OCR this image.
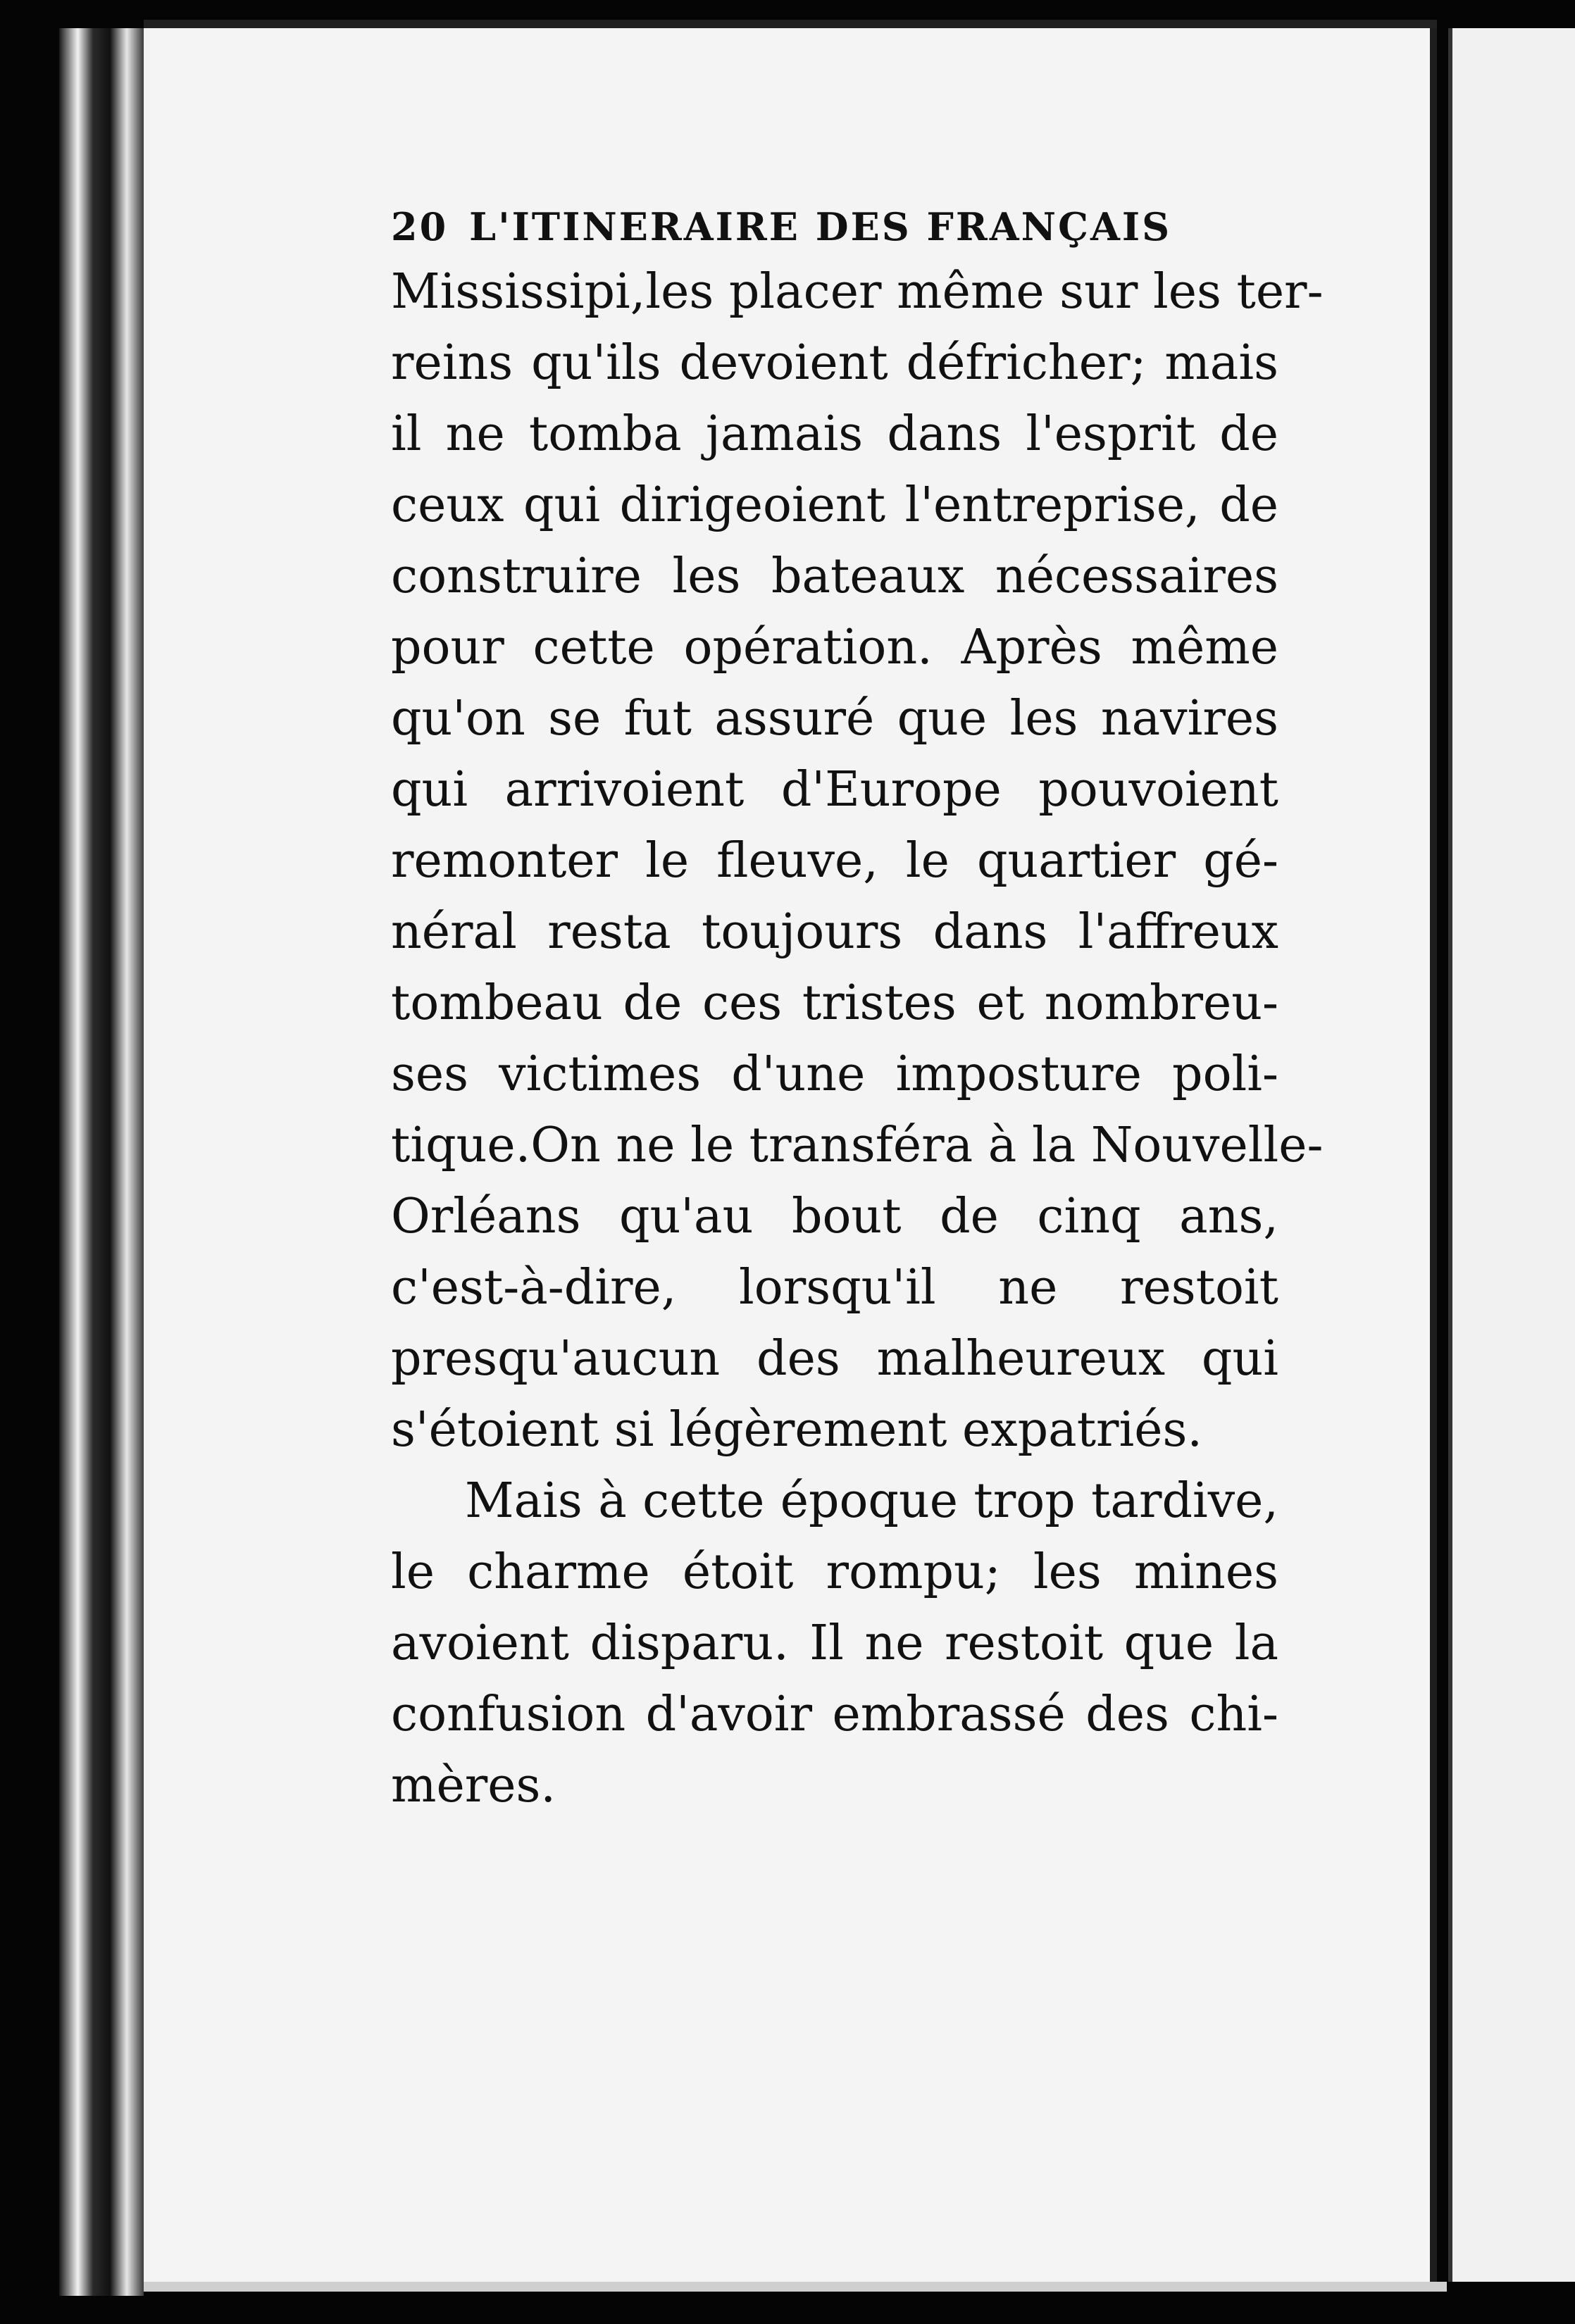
20 L'ITINERAIRE DES FRANÇAIS
Mississipi,les placer même sur les ter-
reins qu'ils devoient défricher; mais
il ne tomba jamais dans l'esprit de
ceux qui dirigeoient l'entreprise, de
construire les bateaux nécessaires
pour cette opération. Après même
qu'on se fut assuré que les navires
qui arrivoient d'Europe pouvoient
remonter le fleuve, le quartier gé-
néral resta toujours dans l'affreux
tombeau de ces tristes et nombreu-
ses victimes d'une imposture poli-
tique.On ne le transféra à la Nouvelle-
Orléans qu'au bout de cinq ans,
c'est-à-dire, lorsqu'il ne restoit
presqu'aucun des malheureux qui
s'étoient si légèrement expatriés.
Mais à cette époque trop tardive,
le charme étoit rompu; les mines
avoient disparu. Il ne restoit que la
confusion d'avoir embrassé des chi-
mères.
